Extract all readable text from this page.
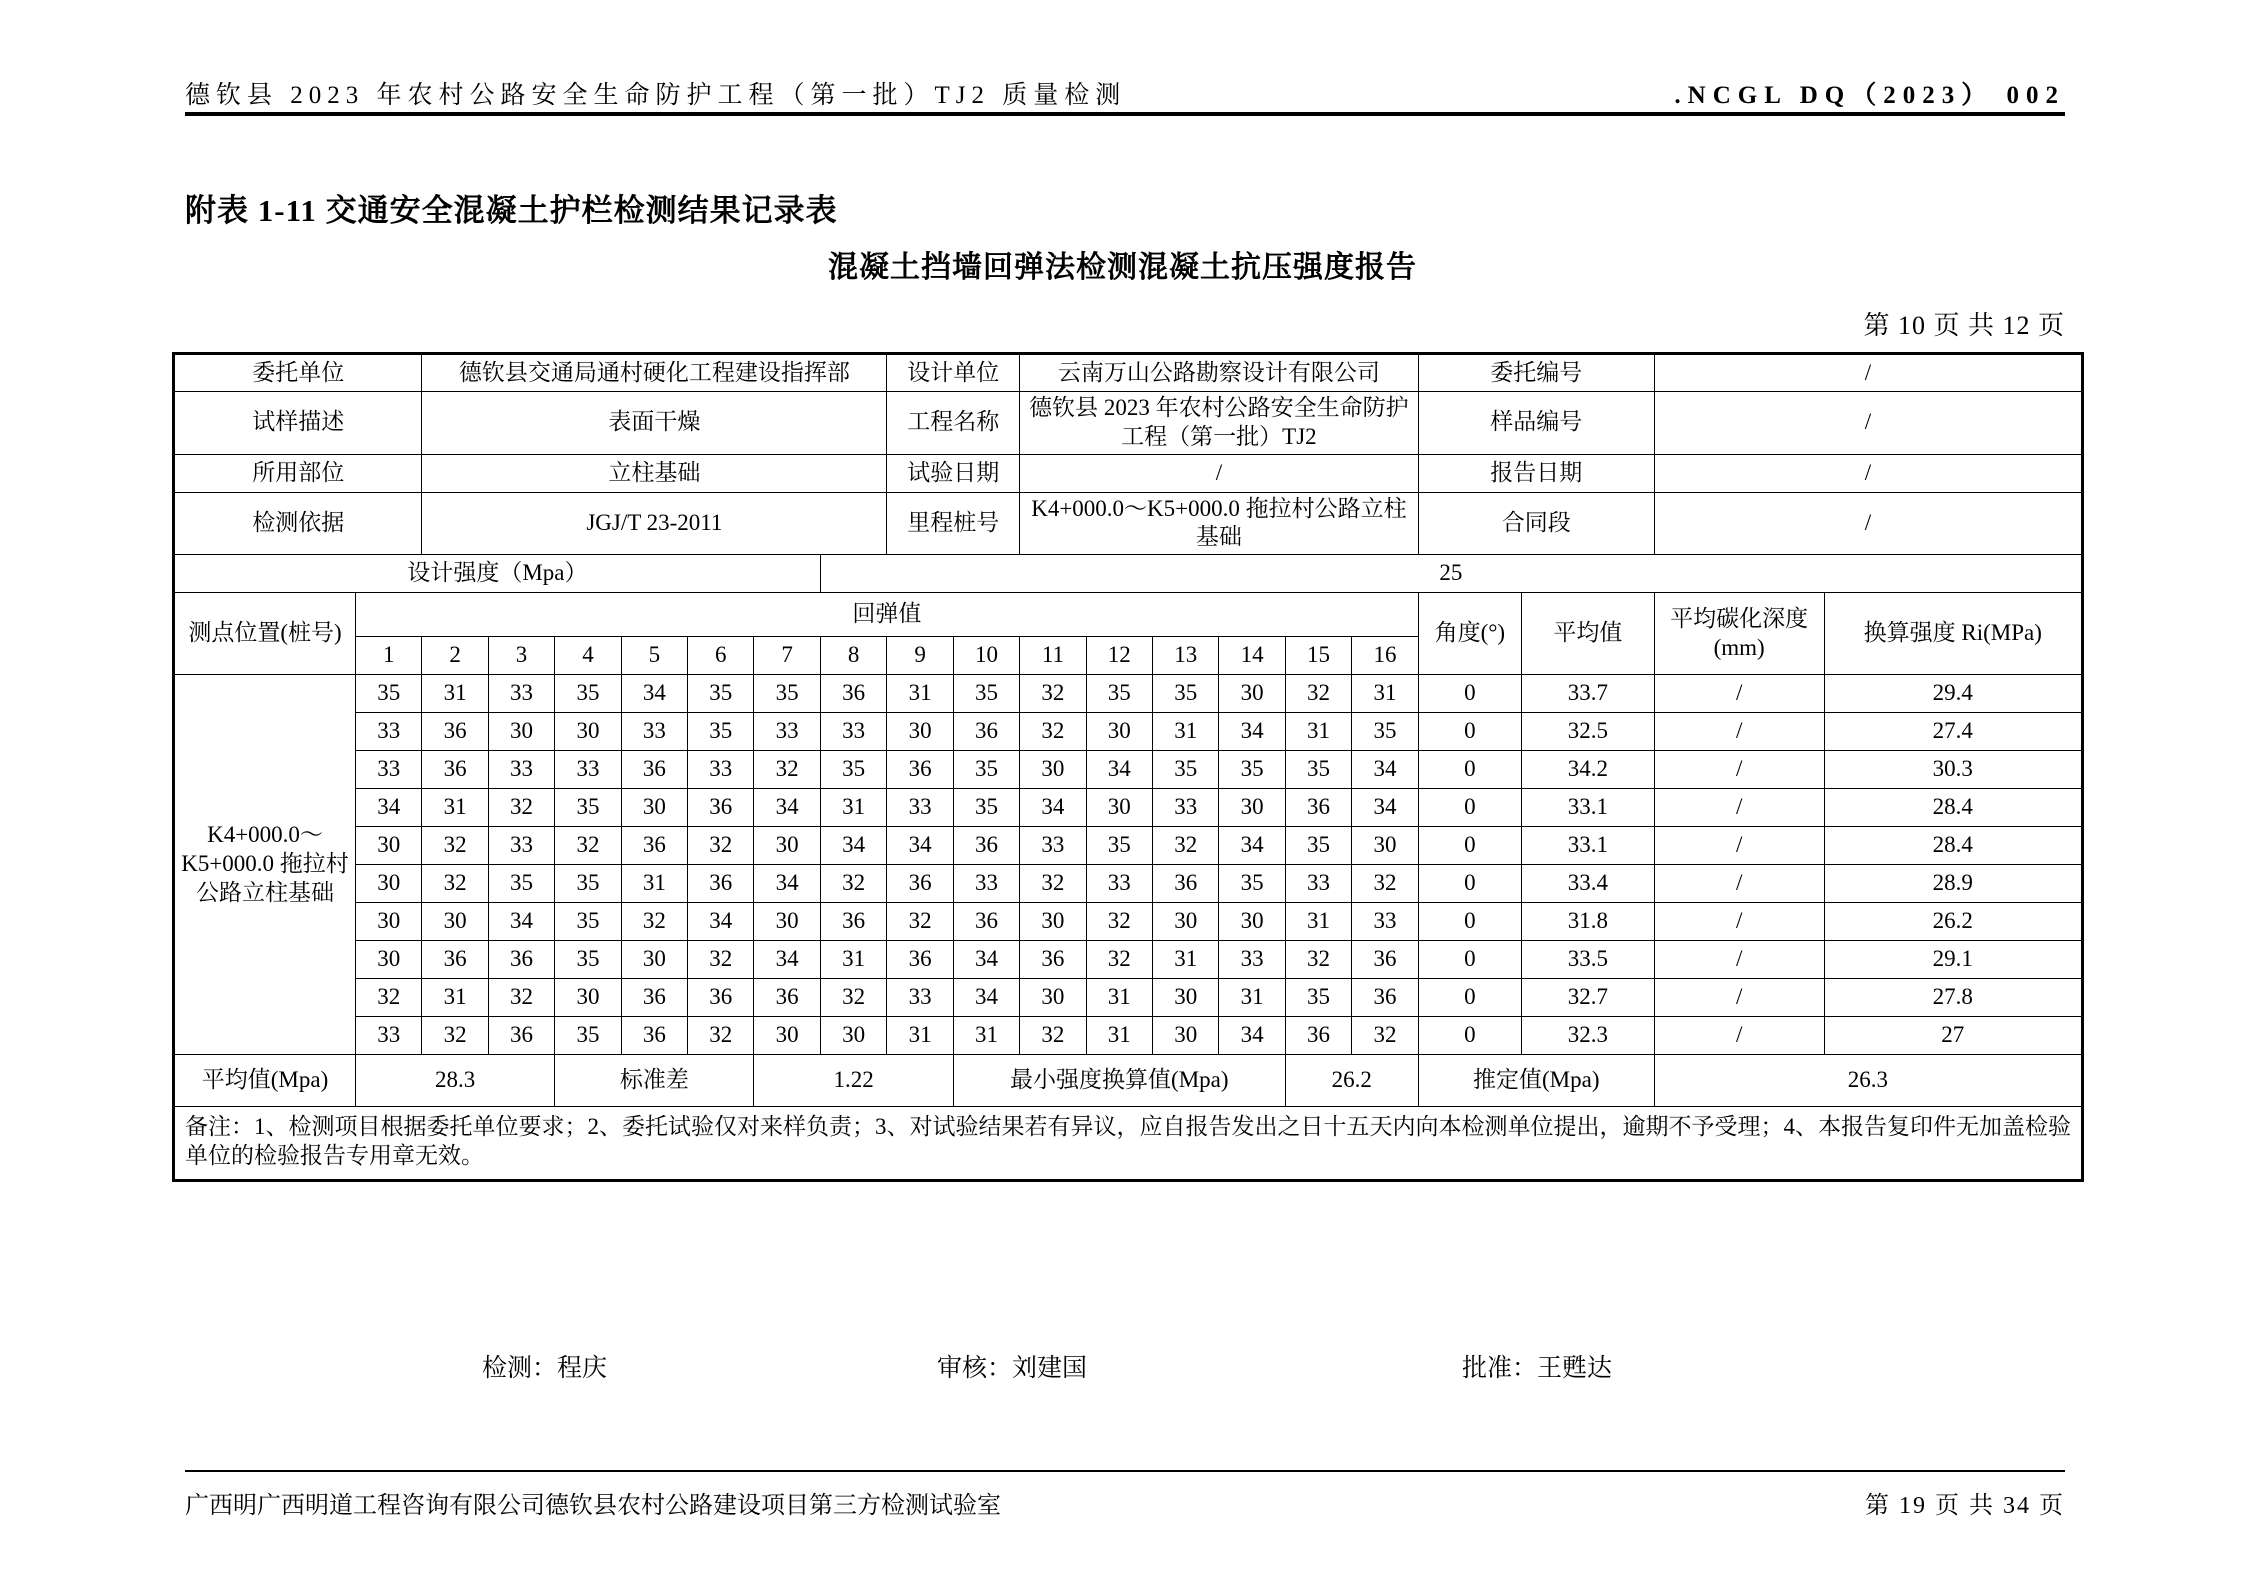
德钦县 2023 年农村公路安全生命防护工程（第一批）TJ2 质量检测	.NCGL DQ（2023） 002
附表 1-11 交通安全混凝土护栏检测结果记录表
混凝土挡墙回弹法检测混凝土抗压强度报告
第 10 页 共 12 页
委托单位		德钦县交通局通村硬化工程建设指挥部							设计单位		云南万山公路勘察设计有限公司						委托编号		/	
试样描述		表面干燥							工程名称		德钦县 2023 年农村公路安全生命防护工程（第一批）TJ2						样品编号		/	
所用部位		立柱基础							试验日期		/						报告日期		/	
检测依据		JGJ/T 23-2011							里程桩号		K4+000.0～K5+000.0 拖拉村公路立柱基础						合同段		/	
设计强度（Mpa）								25												
测点位置(桩号)	回弹值																角度(°)	平均值	平均碳化深度(mm)	换算强度 Ri(MPa)
	1	2	3	4	5	6	7	8	9	10	11	12	13	14	15	16				
K4+000.0～K5+000.0 拖拉村公路立柱基础	35	31	33	35	34	35	35	36	31	35	32	35	35	30	32	31	0	33.7	/	29.4
	33	36	30	30	33	35	33	33	30	36	32	30	31	34	31	35	0	32.5	/	27.4
	33	36	33	33	36	33	32	35	36	35	30	34	35	35	35	34	0	34.2	/	30.3
	34	31	32	35	30	36	34	31	33	35	34	30	33	30	36	34	0	33.1	/	28.4
	30	32	33	32	36	32	30	34	34	36	33	35	32	34	35	30	0	33.1	/	28.4
	30	32	35	35	31	36	34	32	36	33	32	33	36	35	33	32	0	33.4	/	28.9
	30	30	34	35	32	34	30	36	32	36	30	32	30	30	31	33	0	31.8	/	26.2
	30	36	36	35	30	32	34	31	36	34	36	32	31	33	32	36	0	33.5	/	29.1
	32	31	32	30	36	36	36	32	33	34	30	31	30	31	35	36	0	32.7	/	27.8
	33	32	36	35	36	32	30	30	31	31	32	31	30	34	36	32	0	32.3	/	27
平均值(Mpa)	28.3			标准差			1.22			最小强度换算值(Mpa)					26.2		推定值(Mpa)		26.3	
备注：1、检测项目根据委托单位要求；2、委托试验仅对来样负责；3、对试验结果若有异议，应自报告发出之日十五天内向本检测单位提出，逾期不予受理；4、本报告复印件无加盖检验单位的检验报告专用章无效。																				
检测：程庆	审核：刘建国	批准：王甦达
广西明广西明道工程咨询有限公司德钦县农村公路建设项目第三方检测试验室	第 19 页 共 34 页
